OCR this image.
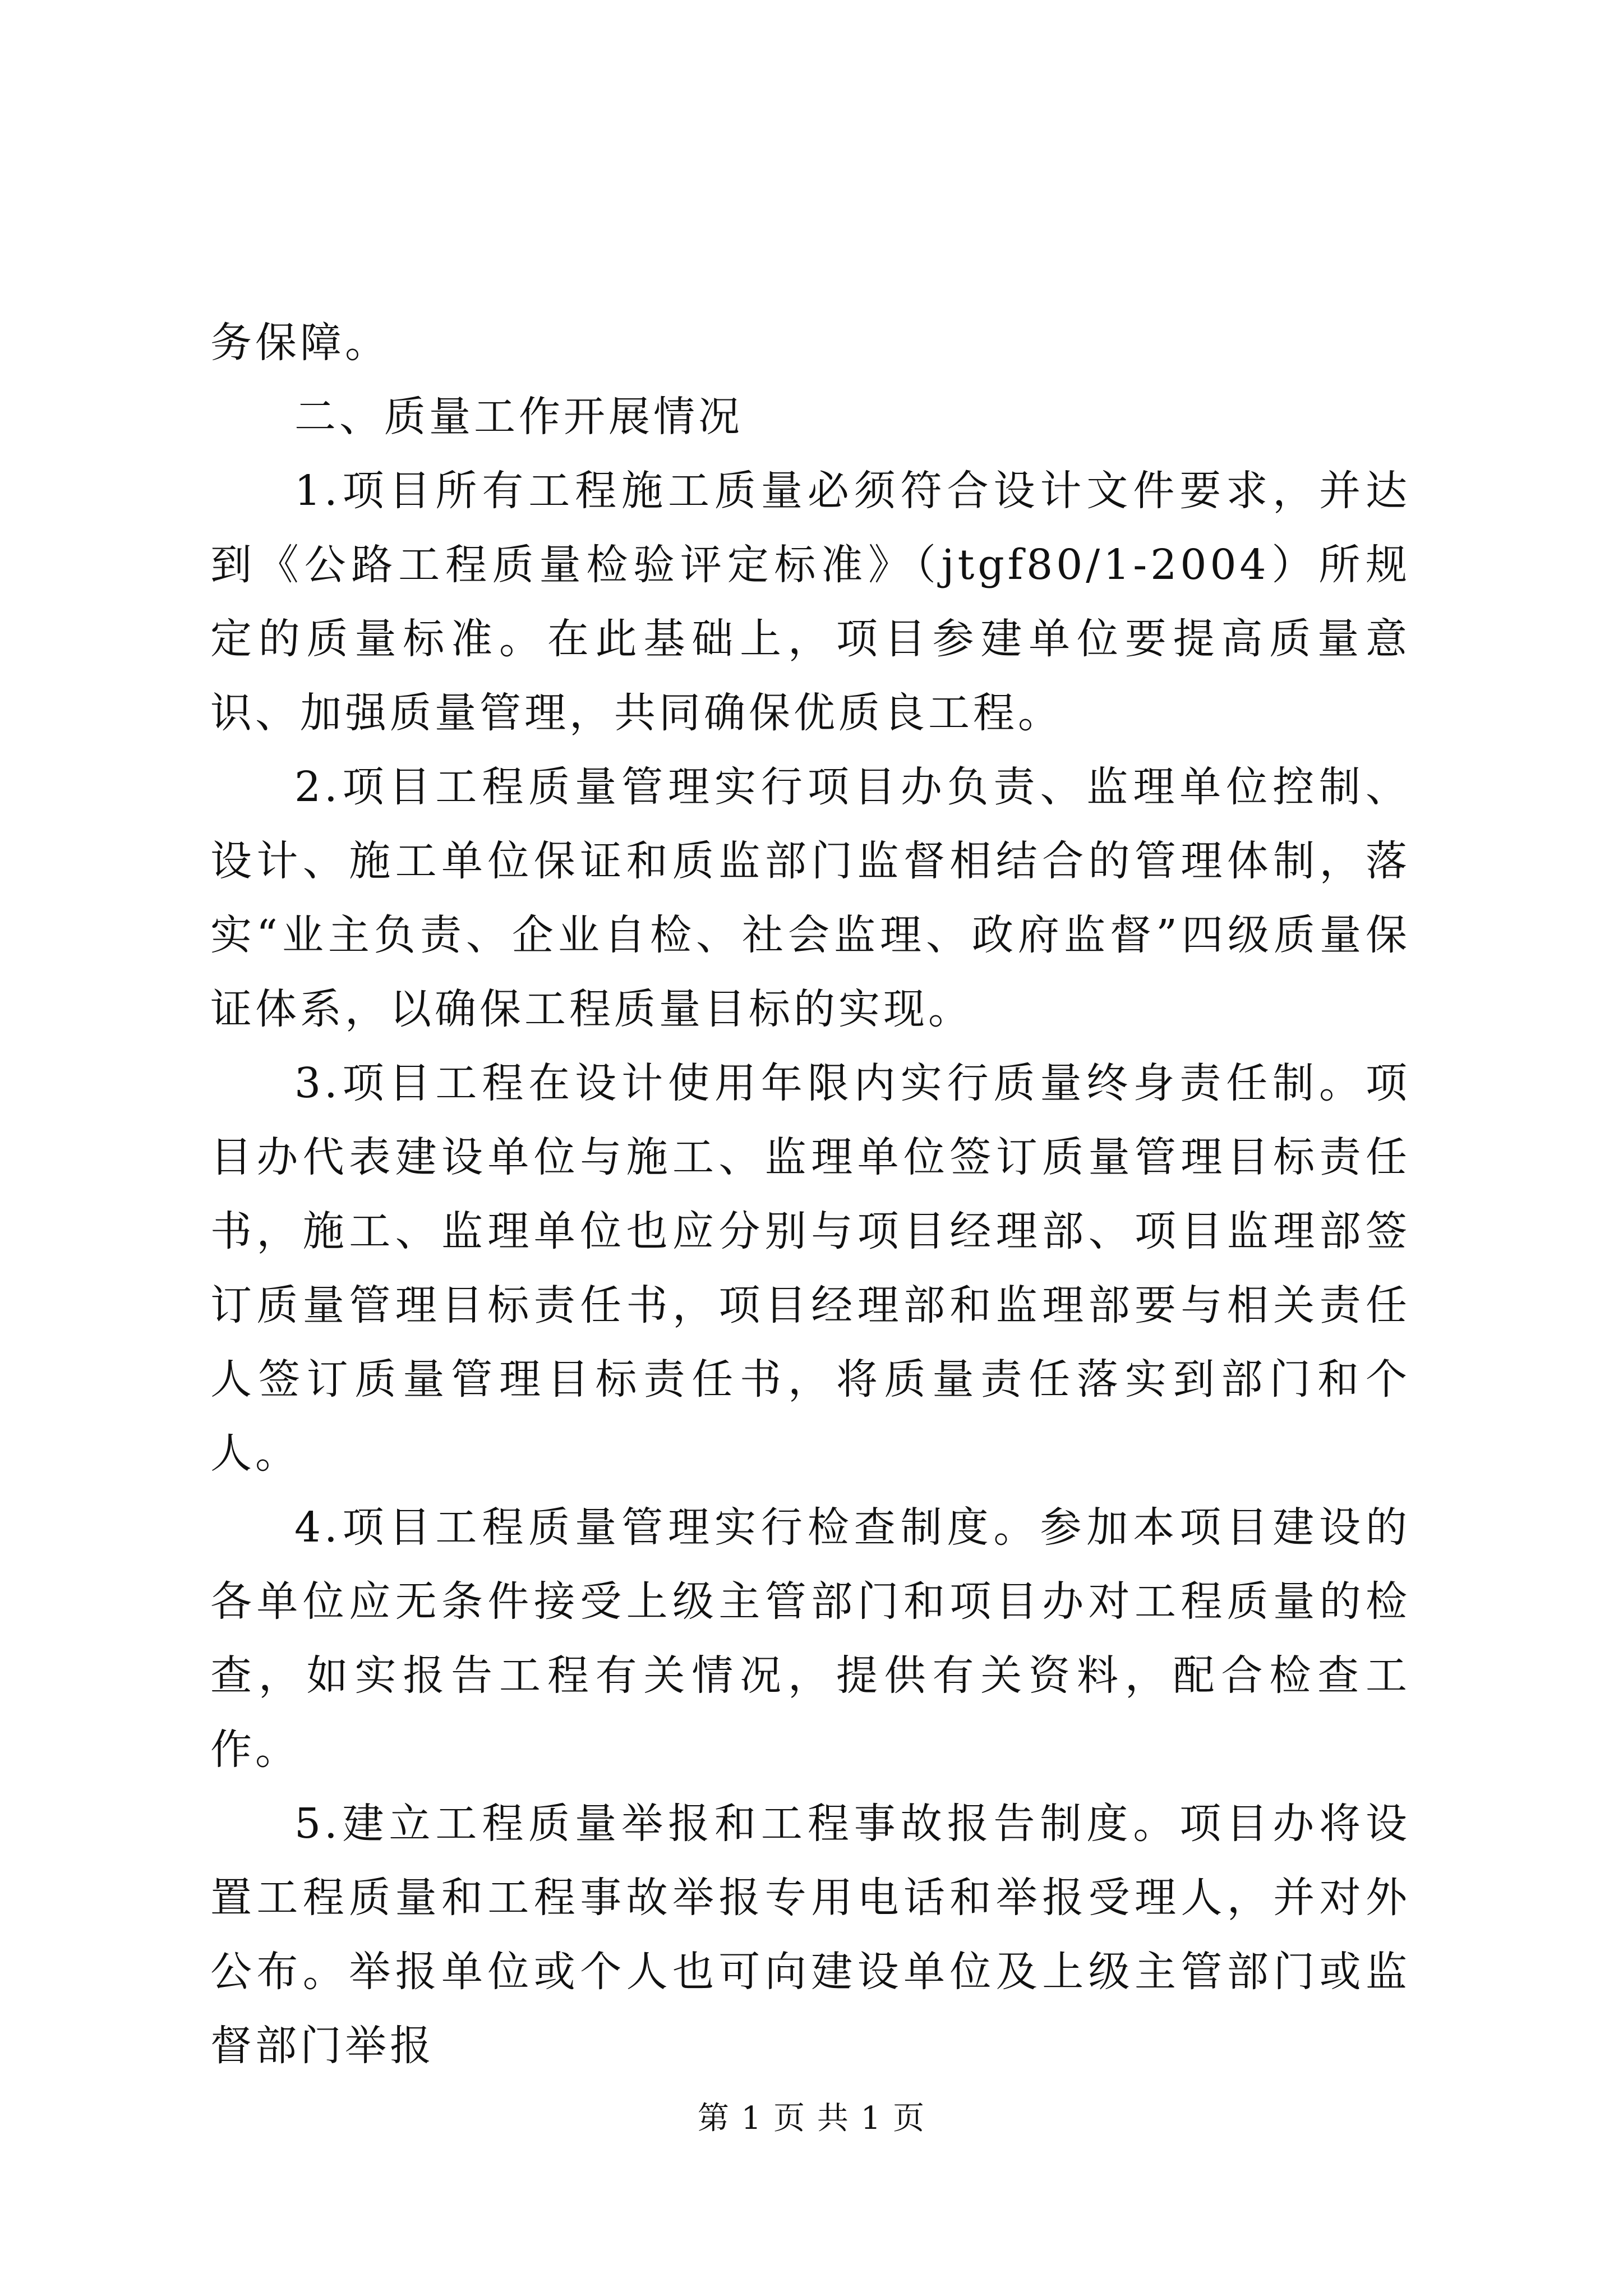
务保障。

二、质量工作开展情况

1.项目所有工程施工质量必须符合设计文件要求，并达到《公路工程质量检验评定标准》（jtgf80/1-2004）所规定的质量标准。在此基础上，项目参建单位要提高质量意识、加强质量管理，共同确保优质良工程。

2.项目工程质量管理实行项目办负责、监理单位控制、设计、施工单位保证和质监部门监督相结合的管理体制，落实“业主负责、企业自检、社会监理、政府监督”四级质量保证体系，以确保工程质量目标的实现。

3.项目工程在设计使用年限内实行质量终身责任制。项目办代表建设单位与施工、监理单位签订质量管理目标责任书，施工、监理单位也应分别与项目经理部、项目监理部签订质量管理目标责任书，项目经理部和监理部要与相关责任人签订质量管理目标责任书，将质量责任落实到部门和个人。

4.项目工程质量管理实行检查制度。参加本项目建设的各单位应无条件接受上级主管部门和项目办对工程质量的检查，如实报告工程有关情况，提供有关资料，配合检查工作。

5.建立工程质量举报和工程事故报告制度。项目办将设置工程质量和工程事故举报专用电话和举报受理人，并对外公布。举报单位或个人也可向建设单位及上级主管部门或监督部门举报

第 1 页 共 1 页
